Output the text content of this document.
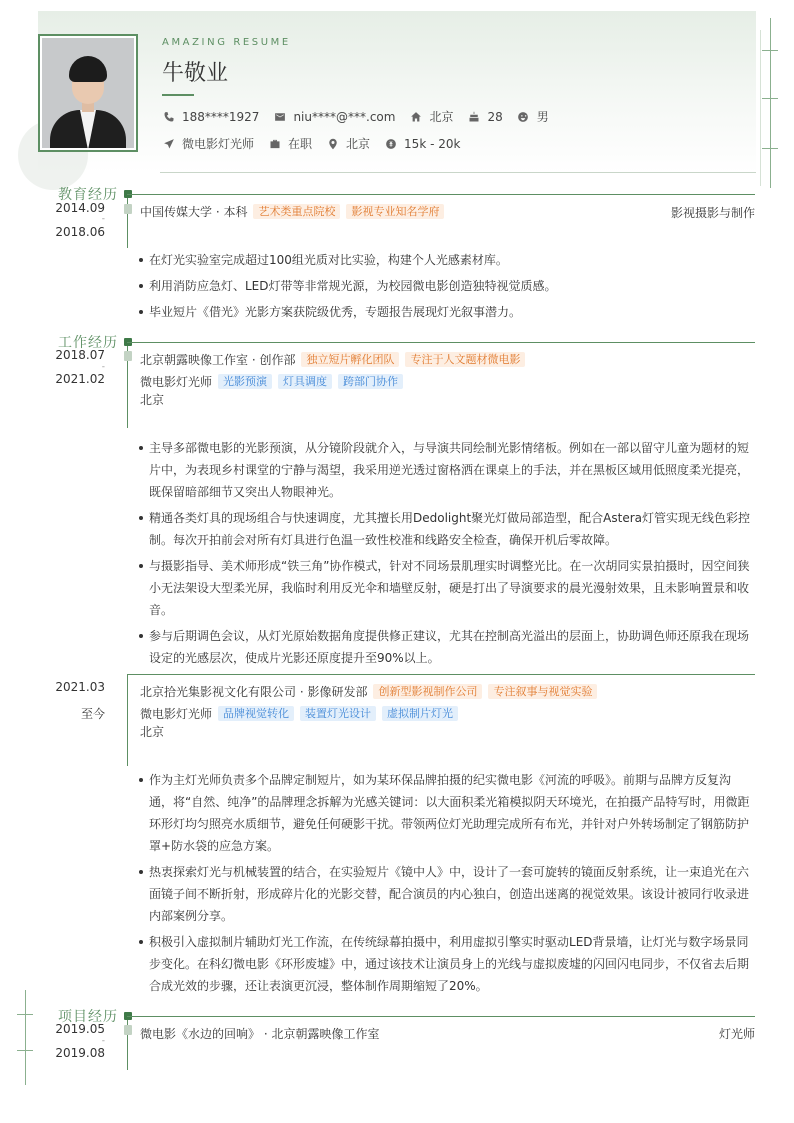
AMAZING RESUME
牛敬业
188****1927	niu****@***.com	北京	28	男
微电影灯光师	在职	北京	15k - 20k
教育经历
2014.09
-
2018.06
中国传媒大学 · 本科	艺术类重点院校	影视专业知名学府	影视摄影与制作
在灯光实验室完成超过100组光质对比实验，构建个人光感素材库。
利用消防应急灯、LED灯带等非常规光源，为校园微电影创造独特视觉质感。
毕业短片《借光》光影方案获院级优秀，专题报告展现灯光叙事潜力。
工作经历
2018.07
-
2021.02
北京朝露映像工作室 · 创作部	独立短片孵化团队	专注于人文题材微电影
微电影灯光师	光影预演	灯具调度	跨部门协作
北京
主导多部微电影的光影预演，从分镜阶段就介入，与导演共同绘制光影情绪板。例如在一部以留守儿童为题材的短片中，为表现乡村课堂的宁静与渴望，我采用逆光透过窗格洒在课桌上的手法，并在黑板区域用低照度柔光提亮，既保留暗部细节又突出人物眼神光。
精通各类灯具的现场组合与快速调度，尤其擅长用Dedolight聚光灯做局部造型，配合Astera灯管实现无线色彩控制。每次开拍前会对所有灯具进行色温一致性校准和线路安全检查，确保开机后零故障。
与摄影指导、美术师形成“铁三角”协作模式，针对不同场景肌理实时调整光比。在一次胡同实景拍摄时，因空间狭小无法架设大型柔光屏，我临时利用反光伞和墙壁反射，硬是打出了导演要求的晨光漫射效果，且未影响置景和收音。
参与后期调色会议，从灯光原始数据角度提供修正建议，尤其在控制高光溢出的层面上，协助调色师还原我在现场设定的光感层次，使成片光影还原度提升至90%以上。
2021.03
至今
北京拾光集影视文化有限公司 · 影像研发部	创新型影视制作公司	专注叙事与视觉实验
微电影灯光师	品牌视觉转化	装置灯光设计	虚拟制片灯光
北京
作为主灯光师负责多个品牌定制短片，如为某环保品牌拍摄的纪实微电影《河流的呼吸》。前期与品牌方反复沟通，将“自然、纯净”的品牌理念拆解为光感关键词：以大面积柔光箱模拟阴天环境光，在拍摄产品特写时，用微距环形灯均匀照亮水质细节，避免任何硬影干扰。带领两位灯光助理完成所有布光，并针对户外转场制定了钢筋防护罩+防水袋的应急方案。
热衷探索灯光与机械装置的结合，在实验短片《镜中人》中，设计了一套可旋转的镜面反射系统，让一束追光在六面镜子间不断折射，形成碎片化的光影交替，配合演员的内心独白，创造出迷离的视觉效果。该设计被同行收录进内部案例分享。
积极引入虚拟制片辅助灯光工作流，在传统绿幕拍摄中，利用虚拟引擎实时驱动LED背景墙，让灯光与数字场景同步变化。在科幻微电影《环形废墟》中，通过该技术让演员身上的光线与虚拟废墟的闪回闪电同步，不仅省去后期合成光效的步骤，还让表演更沉浸，整体制作周期缩短了20%。
项目经历
2019.05
-
2019.08
微电影《水边的回响》 · 北京朝露映像工作室	灯光师
